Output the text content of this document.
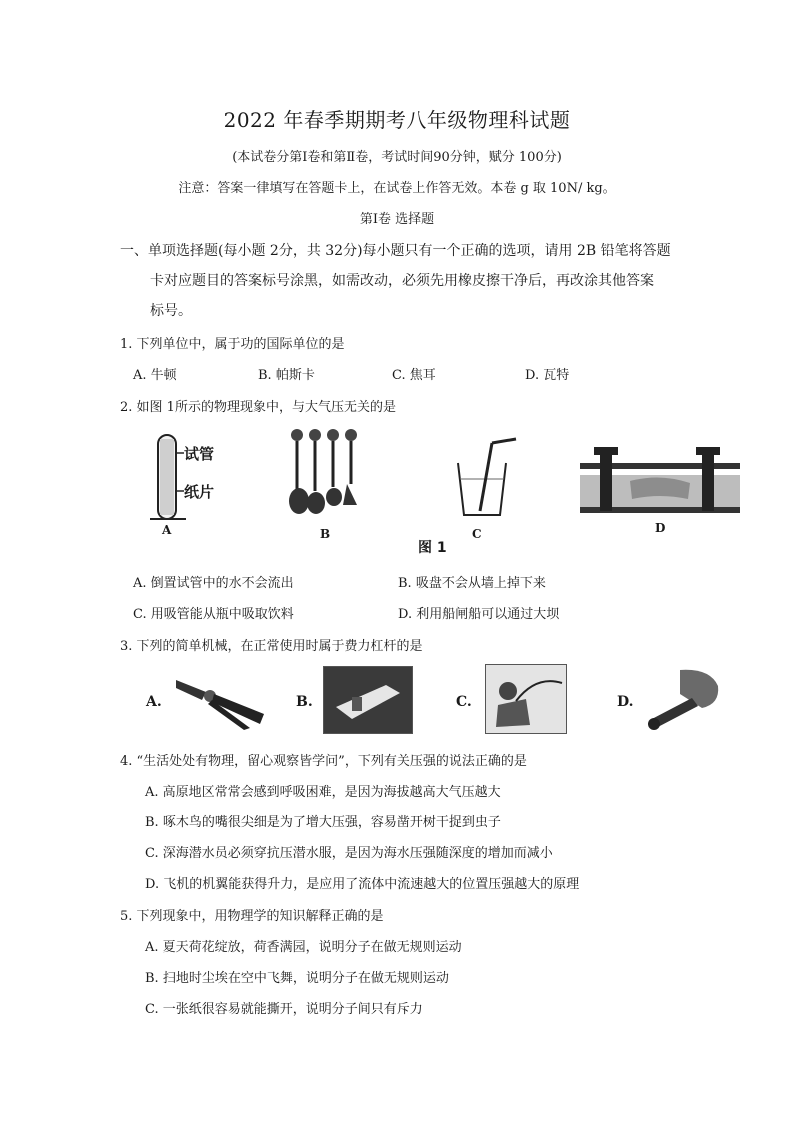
2022 年春季期期考八年级物理科试题
(本试卷分第Ⅰ卷和第Ⅱ卷，考试时间90分钟，赋分 100分)
注意：答案一律填写在答题卡上，在试卷上作答无效。本卷 g 取 10N/ kg。
第Ⅰ卷 选择题
一、单项选择题(每小题 2分，共 32分)每小题只有一个正确的选项，请用 2B 铅笔将答题
卡对应题目的答案标号涂黑，如需改动，必须先用橡皮擦干净后，再改涂其他答案
标号。
1. 下列单位中，属于功的国际单位的是
A. 牛顿	B. 帕斯卡	C. 焦耳	D. 瓦特
2. 如图 1所示的物理现象中，与大气压无关的是
试管
纸片
A	B	C	D
图 1
A. 倒置试管中的水不会流出	B. 吸盘不会从墙上掉下来
C. 用吸管能从瓶中吸取饮料	D. 利用船闸船可以通过大坝
3. 下列的简单机械，在正常使用时属于费力杠杆的是
A.	B.	C.	D.
4. “生活处处有物理，留心观察皆学问”，下列有关压强的说法正确的是
A. 高原地区常常会感到呼吸困难，是因为海拔越高大气压越大
B. 啄木鸟的嘴很尖细是为了增大压强，容易凿开树干捉到虫子
C. 深海潜水员必须穿抗压潜水服，是因为海水压强随深度的增加而减小
D. 飞机的机翼能获得升力，是应用了流体中流速越大的位置压强越大的原理
5. 下列现象中，用物理学的知识解释正确的是
A. 夏天荷花绽放，荷香满园，说明分子在做无规则运动
B. 扫地时尘埃在空中飞舞，说明分子在做无规则运动
C. 一张纸很容易就能撕开，说明分子间只有斥力
